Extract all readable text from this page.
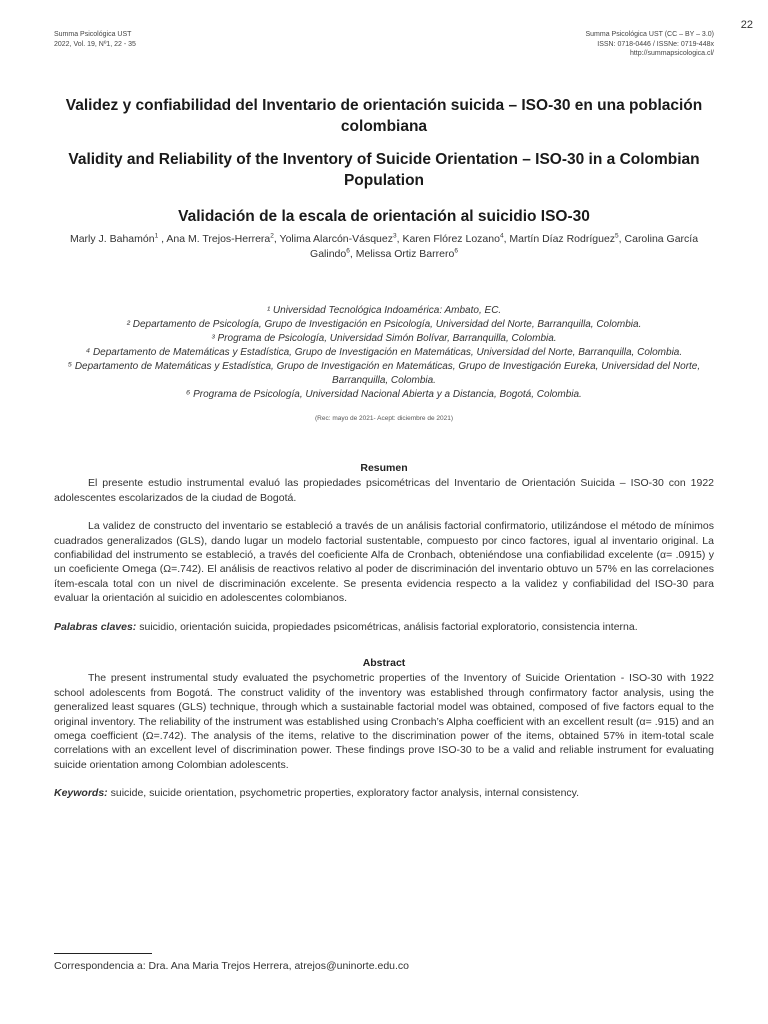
22
Summa Psicológica UST
2022, Vol. 19, Nº1, 22 - 35
Summa Psicológica UST (CC – BY – 3.0)
ISSN: 0718-0446 / ISSNe: 0719-448x
http://summapsicologica.cl/
Validez y confiabilidad del Inventario de orientación suicida – ISO-30 en una población colombiana
Validity and Reliability of the Inventory of Suicide Orientation – ISO-30 in a Colombian Population
Validación de la escala de orientación al suicidio ISO-30
Marly J. Bahamón$^1$ , Ana M. Trejos-Herrera$^2$, Yolima Alarcón-Vásquez$^3$, Karen Flórez Lozano$^4$, Martín Díaz Rodríguez$^5$, Carolina García Galindo$^6$, Melissa Ortiz Barrero$^6$
¹ Universidad Tecnológica Indoamérica: Ambato, EC.
² Departamento de Psicología, Grupo de Investigación en Psicología, Universidad del Norte, Barranquilla, Colombia.
³ Programa de Psicología, Universidad Simón Bolívar, Barranquilla, Colombia.
⁴ Departamento de Matemáticas y Estadística, Grupo de Investigación en Matemáticas, Universidad del Norte, Barranquilla, Colombia.
⁵ Departamento de Matemáticas y Estadística, Grupo de Investigación en Matemáticas, Grupo de Investigación Eureka, Universidad del Norte, Barranquilla, Colombia.
⁶ Programa de Psicología, Universidad Nacional Abierta y a Distancia, Bogotá, Colombia.
(Rec: mayo de 2021- Acept: diciembre de 2021)
Resumen

El presente estudio instrumental evaluó las propiedades psicométricas del Inventario de Orientación Suicida – ISO-30 con 1922 adolescentes escolarizados de la ciudad de Bogotá.

La validez de constructo del inventario se estableció a través de un análisis factorial confirmatorio, utilizándose el método de mínimos cuadrados generalizados (GLS), dando lugar un modelo factorial sustentable, compuesto por cinco factores, igual al inventario original. La confiabilidad del instrumento se estableció, a través del coeficiente Alfa de Cronbach, obteniéndose una confiabilidad excelente (α= .0915) y un coeficiente Omega (Ω=.742). El análisis de reactivos relativo al poder de discriminación del inventario obtuvo un 57% en las correlaciones ítem-escala total con un nivel de discriminación excelente. Se presenta evidencia respecto a la validez y confiabilidad del ISO-30 para evaluar la orientación al suicidio en adolescentes colombianos.

Palabras claves: suicidio, orientación suicida, propiedades psicométricas, análisis factorial exploratorio, consistencia interna.

Abstract

The present instrumental study evaluated the psychometric properties of the Inventory of Suicide Orientation - ISO-30 with 1922 school adolescents from Bogotá. The construct validity of the inventory was established through confirmatory factor analysis, using the generalized least squares (GLS) technique, through which a sustainable factorial model was obtained, composed of five factors equal to the original inventory. The reliability of the instrument was established using Cronbach’s Alpha coefficient with an excellent result (α= .915) and an omega coefficient (Ω=.742). The analysis of the items, relative to the discrimination power of the items, obtained 57% in item-total scale correlations with an excellent level of discrimination power. These findings prove ISO-30 to be a valid and reliable instrument for evaluating suicide orientation among Colombian adolescents.

Keywords: suicide, suicide orientation, psychometric properties, exploratory factor analysis, internal consistency.

Correspondencia a: Dra. Ana Maria Trejos Herrera, atrejos@uninorte.edu.co
